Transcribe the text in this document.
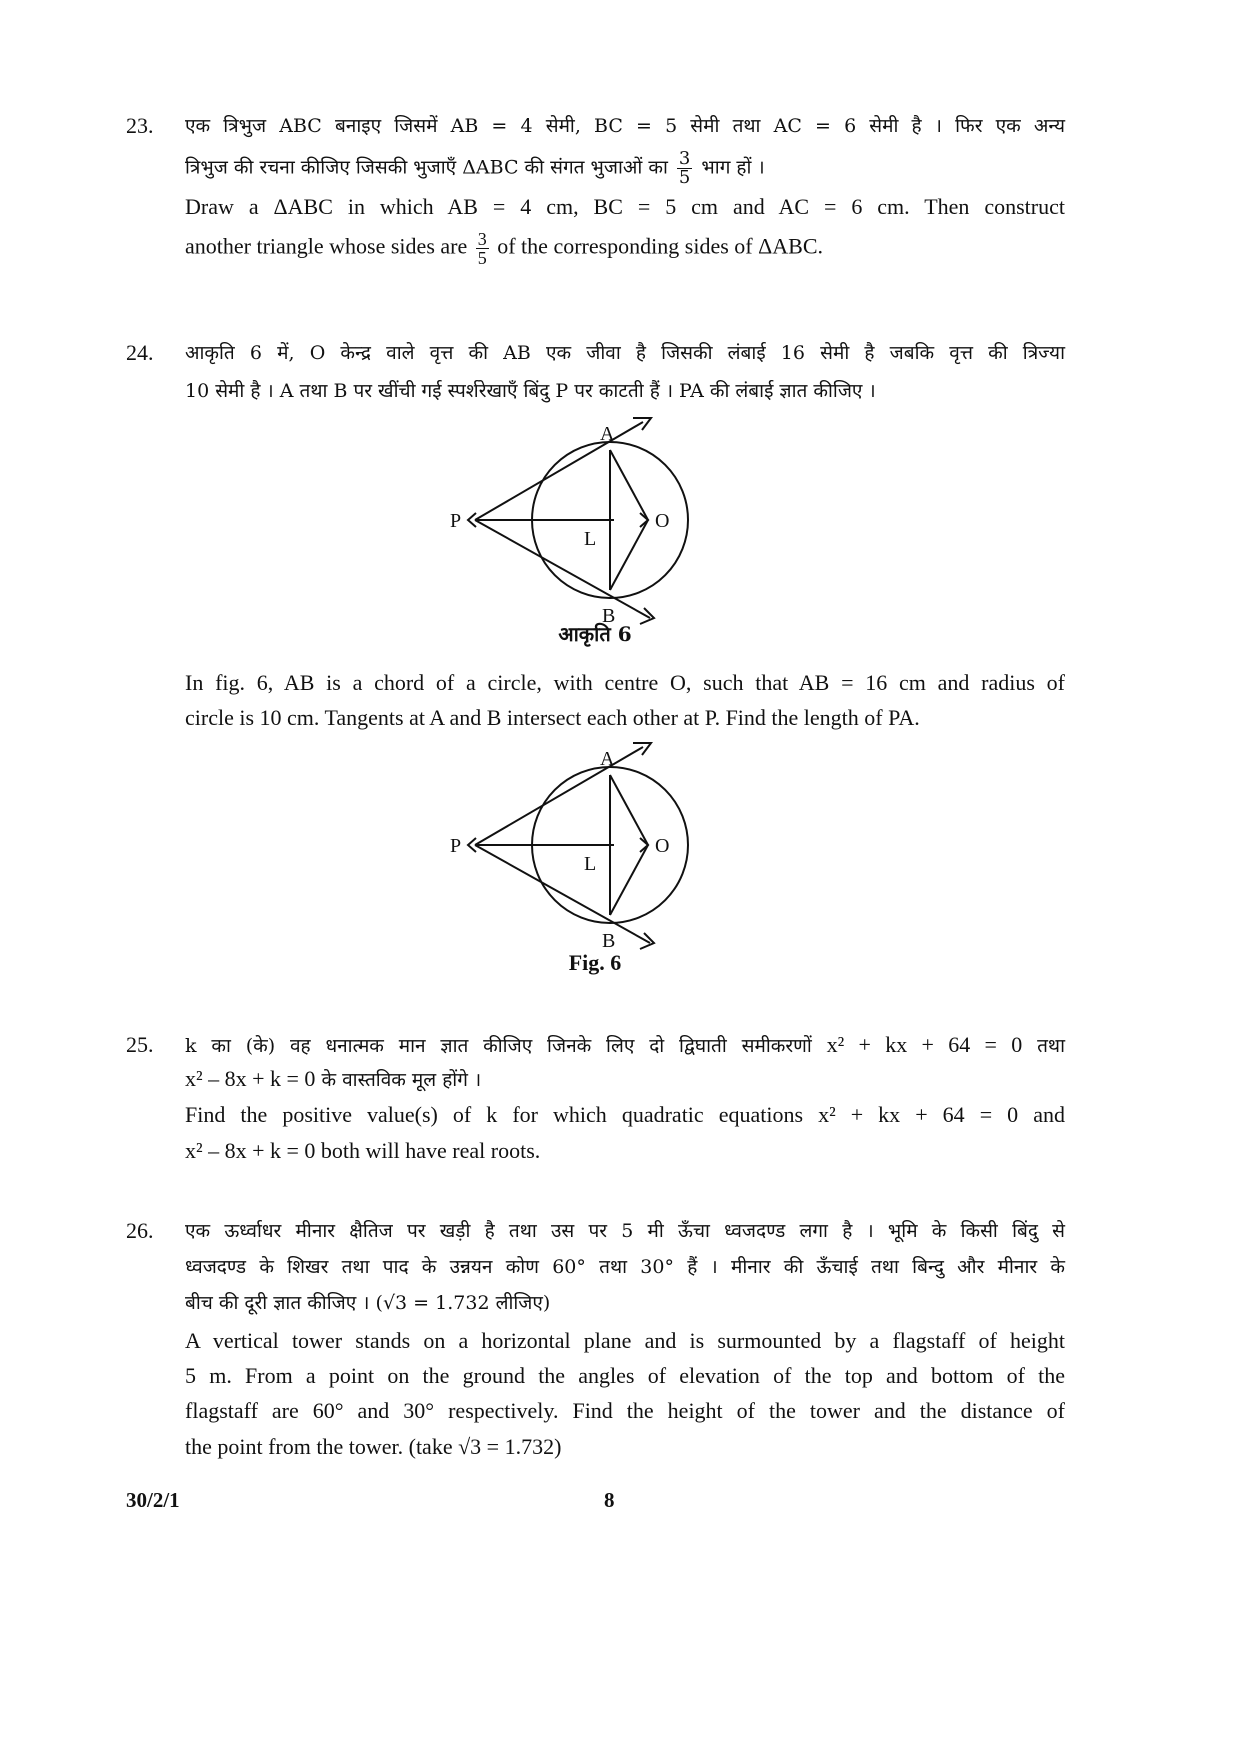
23. एक त्रिभुज ABC बनाइए जिसमें AB = 4 सेमी, BC = 5 सेमी तथा AC = 6 सेमी है । फिर एक अन्य
त्रिभुज की रचना कीजिए जिसकी भुजाएँ ΔABC की संगत भुजाओं का $\frac{3}{5}$ भाग हों ।
Draw a ΔABC in which AB = 4 cm, BC = 5 cm and AC = 6 cm. Then construct
another triangle whose sides are $\frac{3}{5}$ of the corresponding sides of ΔABC.
24. आकृति 6 में, O केन्द्र वाले वृत्त की AB एक जीवा है जिसकी लंबाई 16 सेमी है जबकि वृत्त की त्रिज्या
10 सेमी है । A तथा B पर खींची गई स्पर्शरेखाएँ बिंदु P पर काटती हैं । PA की लंबाई ज्ञात कीजिए ।
A
B
P	O
L
आकृति 6
In fig. 6, AB is a chord of a circle, with centre O, such that AB = 16 cm and radius of
circle is 10 cm. Tangents at A and B intersect each other at P. Find the length of PA.
A
B
P	O
L
Fig. 6
25. k का (के) वह धनात्मक मान ज्ञात कीजिए जिनके लिए दो द्विघाती समीकरणों x² + kx + 64 = 0 तथा
x² – 8x + k = 0 के वास्तविक मूल होंगे ।
Find the positive value(s) of k for which quadratic equations x² + kx + 64 = 0 and
x² – 8x + k = 0 both will have real roots.
26. एक ऊर्ध्वाधर मीनार क्षैतिज पर खड़ी है तथा उस पर 5 मी ऊँचा ध्वजदण्ड लगा है । भूमि के किसी बिंदु से
ध्वजदण्ड के शिखर तथा पाद के उन्नयन कोण 60° तथा 30° हैं । मीनार की ऊँचाई तथा बिन्दु और मीनार के
बीच की दूरी ज्ञात कीजिए । (√3 = 1.732 लीजिए)
A vertical tower stands on a horizontal plane and is surmounted by a flagstaff of height
5 m. From a point on the ground the angles of elevation of the top and bottom of the
flagstaff are 60° and 30° respectively. Find the height of the tower and the distance of
the point from the tower. (take √3 = 1.732)
30/2/1	8
